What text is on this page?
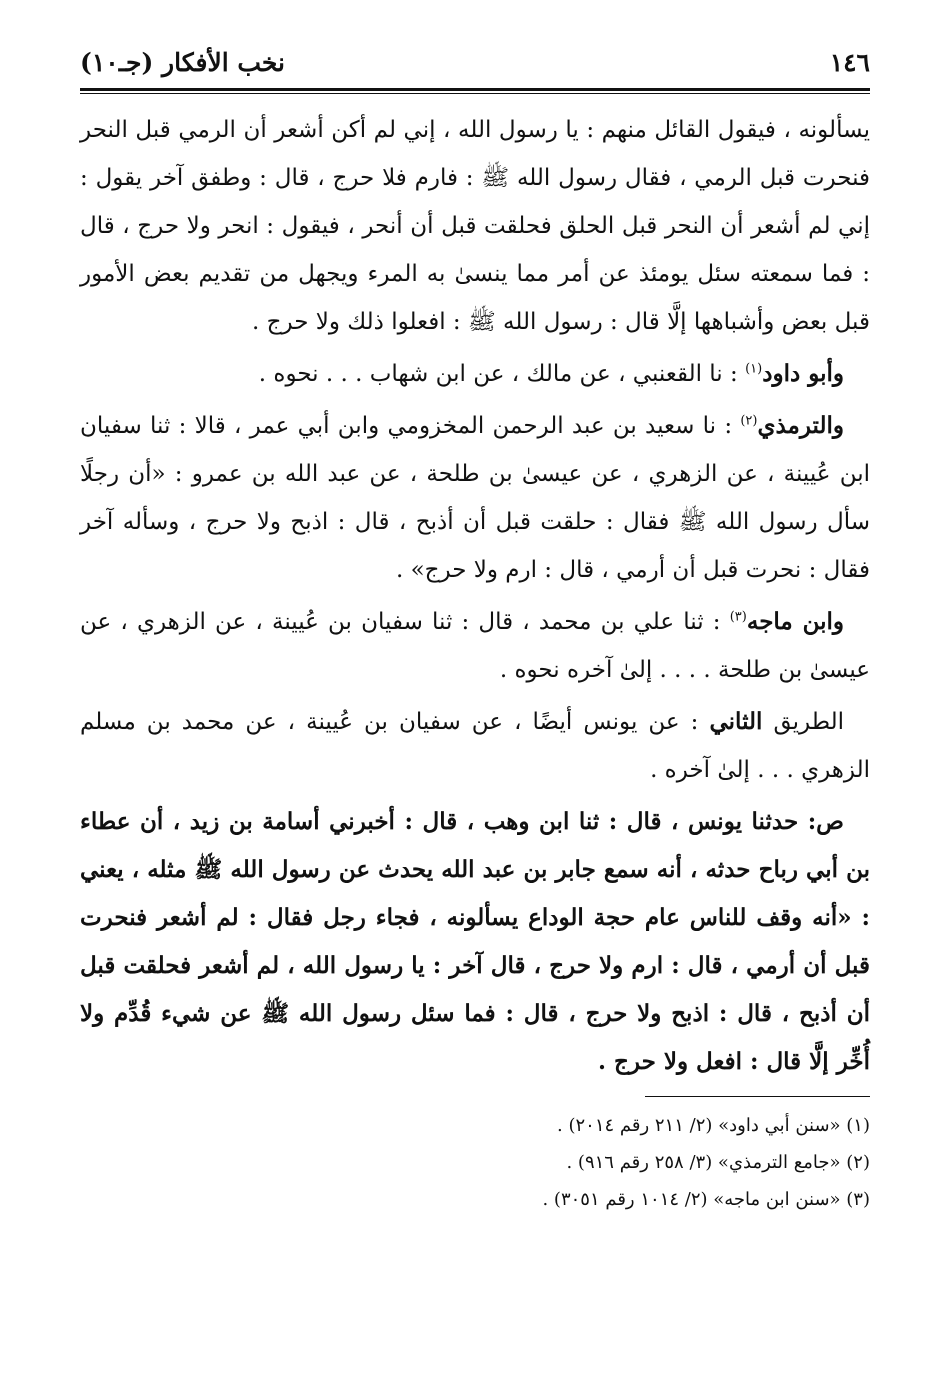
١٤٦
نخب الأفكار (جـ١٠)

يسألونه ، فيقول القائل منهم : يا رسول الله ، إني لم أكن أشعر أن الرمي قبل النحر فنحرت قبل الرمي ، فقال رسول الله ﷺ : فارم فلا حرج ، قال : وطفق آخر يقول : إني لم أشعر أن النحر قبل الحلق فحلقت قبل أن أنحر ، فيقول : انحر ولا حرج ، قال : فما سمعته سئل يومئذ عن أمر مما ينسىٰ به المرء ويجهل من تقديم بعض الأمور قبل بعض وأشباهها إلَّا قال : رسول الله ﷺ : افعلوا ذلك ولا حرج .

وأبو داود$^{(١)}$ : نا القعنبي ، عن مالك ، عن ابن شهاب . . . نحوه .

والترمذي$^{(٢)}$ : نا سعيد بن عبد الرحمن المخزومي وابن أبي عمر ، قالا : ثنا سفيان ابن عُيينة ، عن الزهري ، عن عيسىٰ بن طلحة ، عن عبد الله بن عمرو : «أن رجلًا سأل رسول الله ﷺ فقال : حلقت قبل أن أذبح ، قال : اذبح ولا حرج ، وسأله آخر فقال : نحرت قبل أن أرمي ، قال : ارم ولا حرج» .

وابن ماجه$^{(٣)}$ : ثنا علي بن محمد ، قال : ثنا سفيان بن عُيينة ، عن الزهري ، عن عيسىٰ بن طلحة . . . . إلىٰ آخره نحوه .

الطريق الثاني : عن يونس أيضًا ، عن سفيان بن عُيينة ، عن محمد بن مسلم الزهري . . . إلىٰ آخره .

ص: حدثنا يونس ، قال : ثنا ابن وهب ، قال : أخبرني أسامة بن زيد ، أن عطاء بن أبي رباح حدثه ، أنه سمع جابر بن عبد الله يحدث عن رسول الله ﷺ مثله ، يعني : «أنه وقف للناس عام حجة الوداع يسألونه ، فجاء رجل فقال : لم أشعر فنحرت قبل أن أرمي ، قال : ارم ولا حرج ، قال آخر : يا رسول الله ، لم أشعر فحلقت قبل أن أذبح ، قال : اذبح ولا حرج ، قال : فما سئل رسول الله ﷺ عن شيء قُدِّم ولا أُخِّر إلَّا قال : افعل ولا حرج .

(١) «سنن أبي داود» (٢/ ٢١١ رقم ٢٠١٤) .
(٢) «جامع الترمذي» (٣/ ٢٥٨ رقم ٩١٦) .
(٣) «سنن ابن ماجه» (٢/ ١٠١٤ رقم ٣٠٥١) .
